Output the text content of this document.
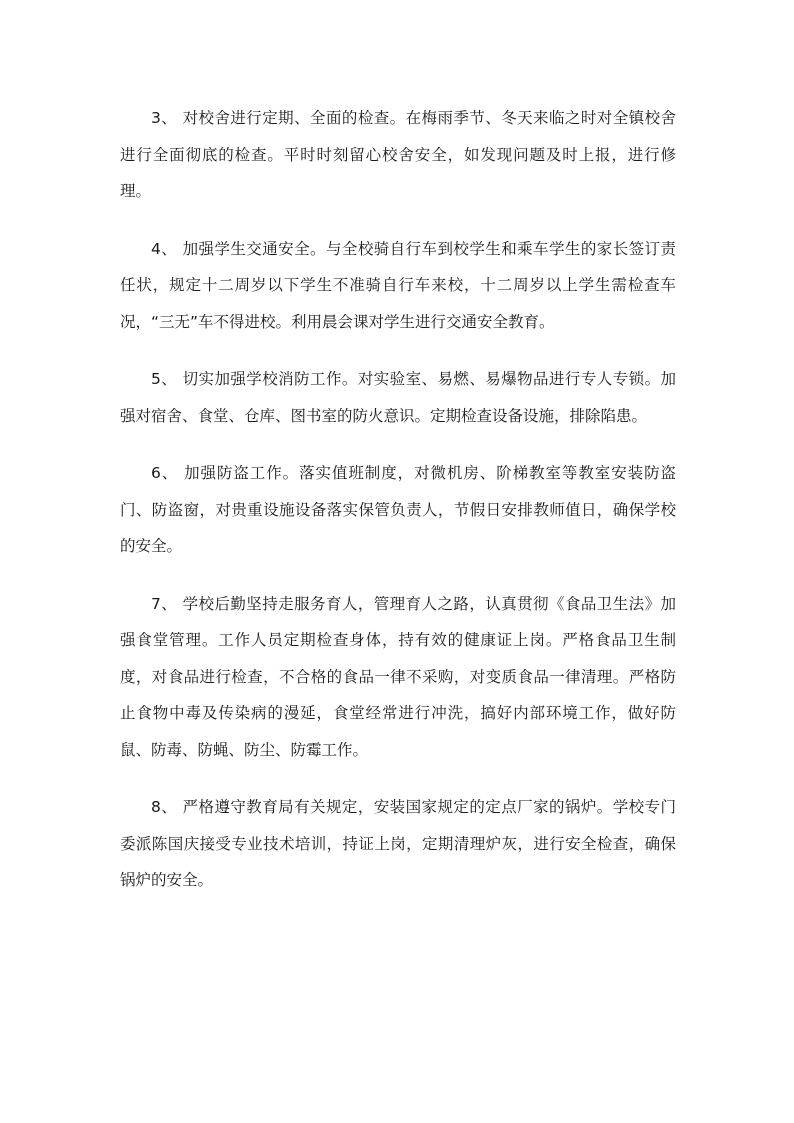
3、 对校舍进行定期、全面的检查。在梅雨季节、冬天来临之时对全镇校舍进行全面彻底的检查。平时时刻留心校舍安全，如发现问题及时上报，进行修理。

4、 加强学生交通安全。与全校骑自行车到校学生和乘车学生的家长签订责任状，规定十二周岁以下学生不准骑自行车来校，十二周岁以上学生需检查车况，“三无”车不得进校。利用晨会课对学生进行交通安全教育。

5、 切实加强学校消防工作。对实验室、易燃、易爆物品进行专人专锁。加强对宿舍、食堂、仓库、图书室的防火意识。定期检查设备设施，排除陷患。

6、 加强防盗工作。落实值班制度，对微机房、阶梯教室等教室安装防盗门、防盗窗，对贵重设施设备落实保管负责人，节假日安排教师值日，确保学校的安全。

7、 学校后勤坚持走服务育人，管理育人之路，认真贯彻《食品卫生法》加强食堂管理。工作人员定期检查身体，持有效的健康证上岗。严格食品卫生制度，对食品进行检查，不合格的食品一律不采购，对变质食品一律清理。严格防止食物中毒及传染病的漫延，食堂经常进行冲洗，搞好内部环境工作，做好防鼠、防毒、防蝇、防尘、防霉工作。

8、 严格遵守教育局有关规定，安装国家规定的定点厂家的锅炉。学校专门委派陈国庆接受专业技术培训，持证上岗，定期清理炉灰，进行安全检查，确保锅炉的安全。
